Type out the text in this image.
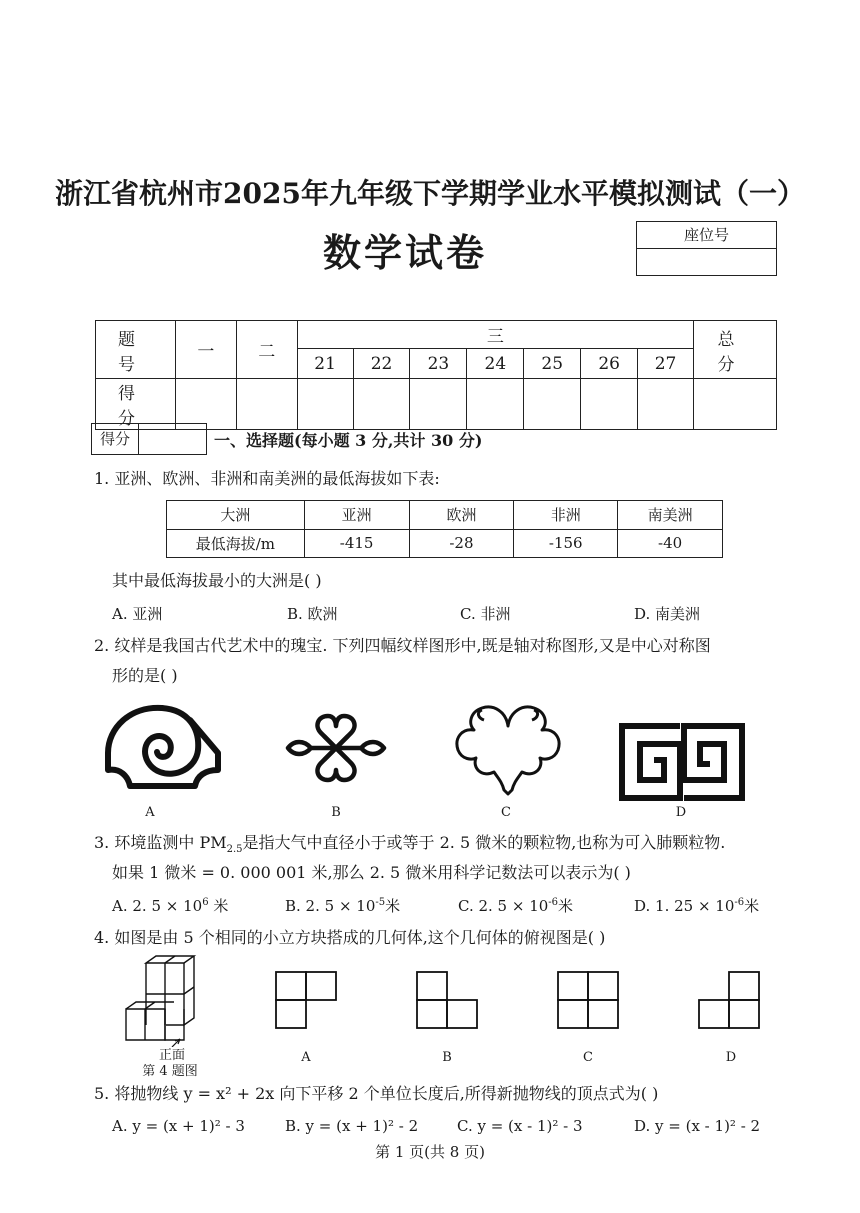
浙江省杭州市2025年九年级下学期学业水平模拟测试（一）
数学试卷	座位号
题 号	一	二	三							总 分
			21	22	23	24	25	26	27	
得 分										
得分	一、选择题(每小题 3 分,共计 30 分)
1. 亚洲、欧洲、非洲和南美洲的最低海拔如下表:
大洲	亚洲	欧洲	非洲	南美洲
最低海拔/m	-415	-28	-156	-40
其中最低海拔最小的大洲是( )
A. 亚洲	B. 欧洲	C. 非洲	D. 南美洲
2. 纹样是我国古代艺术中的瑰宝. 下列四幅纹样图形中,既是轴对称图形,又是中心对称图
形的是( )
A	B	C	D
3. 环境监测中 $PM_{2.5}$是指大气中直径小于或等于 2. 5 微米的颗粒物,也称为可入肺颗粒物.
如果 1 微米 = 0. 000 001 米,那么 2. 5 微米用科学记数法可以表示为( )
A. 2. $5 \times 10^6$ 米	B. 2. $5 \times 10^{-5}$米	C. 2. $5 \times 10^{-6}$米	D. 1. $25 \times 10^{-6}$米
4. 如图是由 5 个相同的小立方块搭成的几何体,这个几何体的俯视图是( )
正面
第 4 题图
A	B	C	D
5. 将抛物线 y = x² + 2x 向下平移 2 个单位长度后,所得新抛物线的顶点式为( )
A. y = (x + 1)² - 3	B. y = (x + 1)² - 2	C. y = (x - 1)² - 3	D. y = (x - 1)² - 2
第 1 页(共 8 页)
